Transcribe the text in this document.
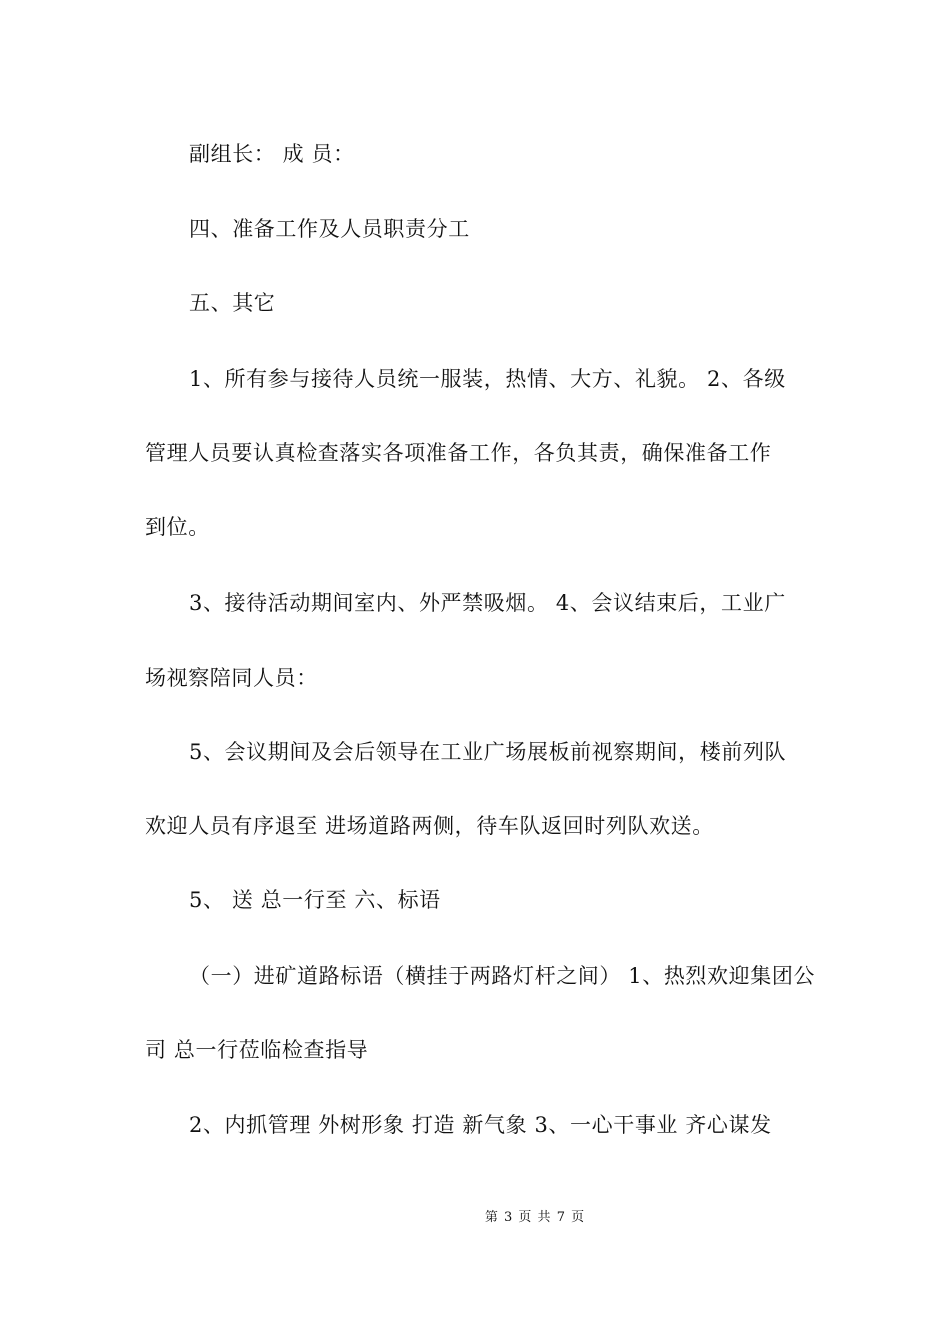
副组长： 成 员：
四、准备工作及人员职责分工
五、其它
1、所有参与接待人员统一服装，热情、大方、礼貌。 2、各级
管理人员要认真检查落实各项准备工作，各负其责，确保准备工作
到位。
3、接待活动期间室内、外严禁吸烟。 4、会议结束后，工业广
场视察陪同人员：
5、会议期间及会后领导在工业广场展板前视察期间，楼前列队
欢迎人员有序退至 进场道路两侧，待车队返回时列队欢送。
5、 送 总一行至 六、标语
（一）进矿道路标语（横挂于两路灯杆之间） 1、热烈欢迎集团公
司 总一行莅临检查指导
2、内抓管理 外树形象 打造 新气象 3、一心干事业 齐心谋发
第 3 页 共 7 页
